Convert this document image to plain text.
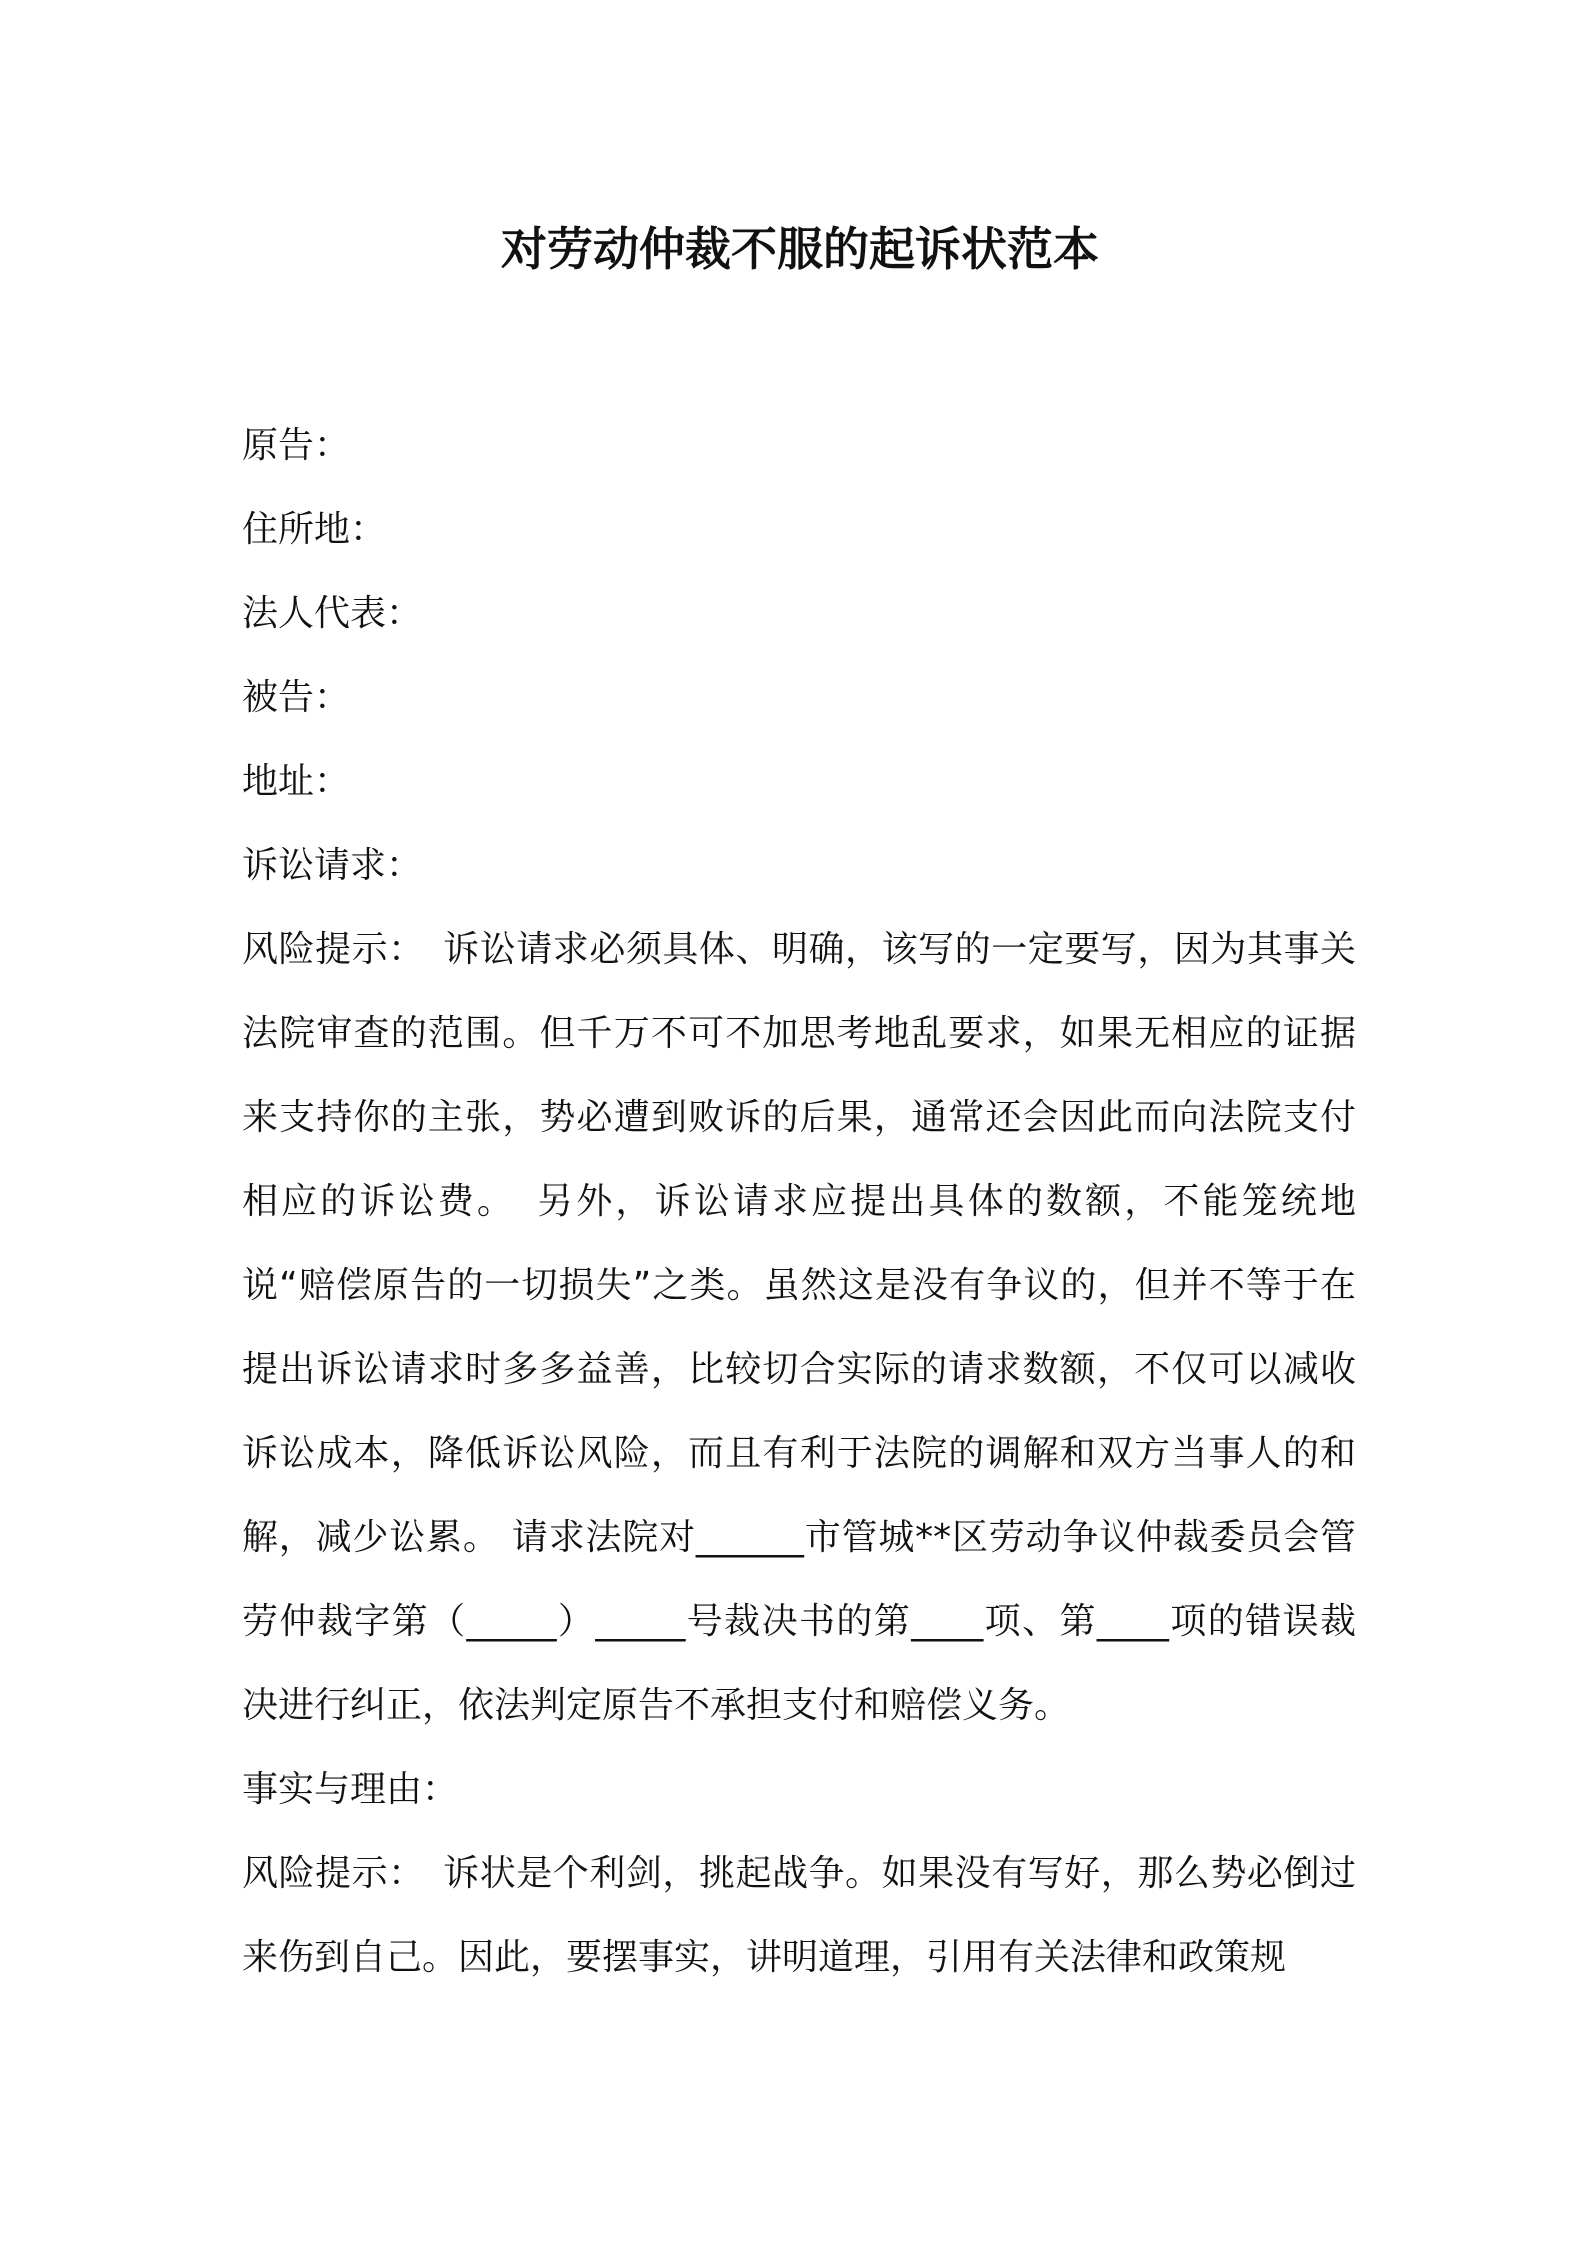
对劳动仲裁不服的起诉状范本

原告：

住所地：

法人代表：

被告：

地址：

诉讼请求：

风险提示：　诉讼请求必须具体、明确，该写的一定要写，因为其事关法院审查的范围。但千万不可不加思考地乱要求，如果无相应的证据来支持你的主张，势必遭到败诉的后果，通常还会因此而向法院支付相应的诉讼费。　另外，诉讼请求应提出具体的数额，不能笼统地说“赔偿原告的一切损失”之类。虽然这是没有争议的，但并不等于在提出诉讼请求时多多益善，比较切合实际的请求数额，不仅可以减收诉讼成本，降低诉讼风险，而且有利于法院的调解和双方当事人的和解，减少讼累。 请求法院对______市管城**区劳动争议仲裁委员会管劳仲裁字第（_____）_____号裁决书的第____项、第____项的错误裁决进行纠正，依法判定原告不承担支付和赔偿义务。

事实与理由：

风险提示：　诉状是个利剑，挑起战争。如果没有写好，那么势必倒过来伤到自己。因此，要摆事实，讲明道理，引用有关法律和政策规
